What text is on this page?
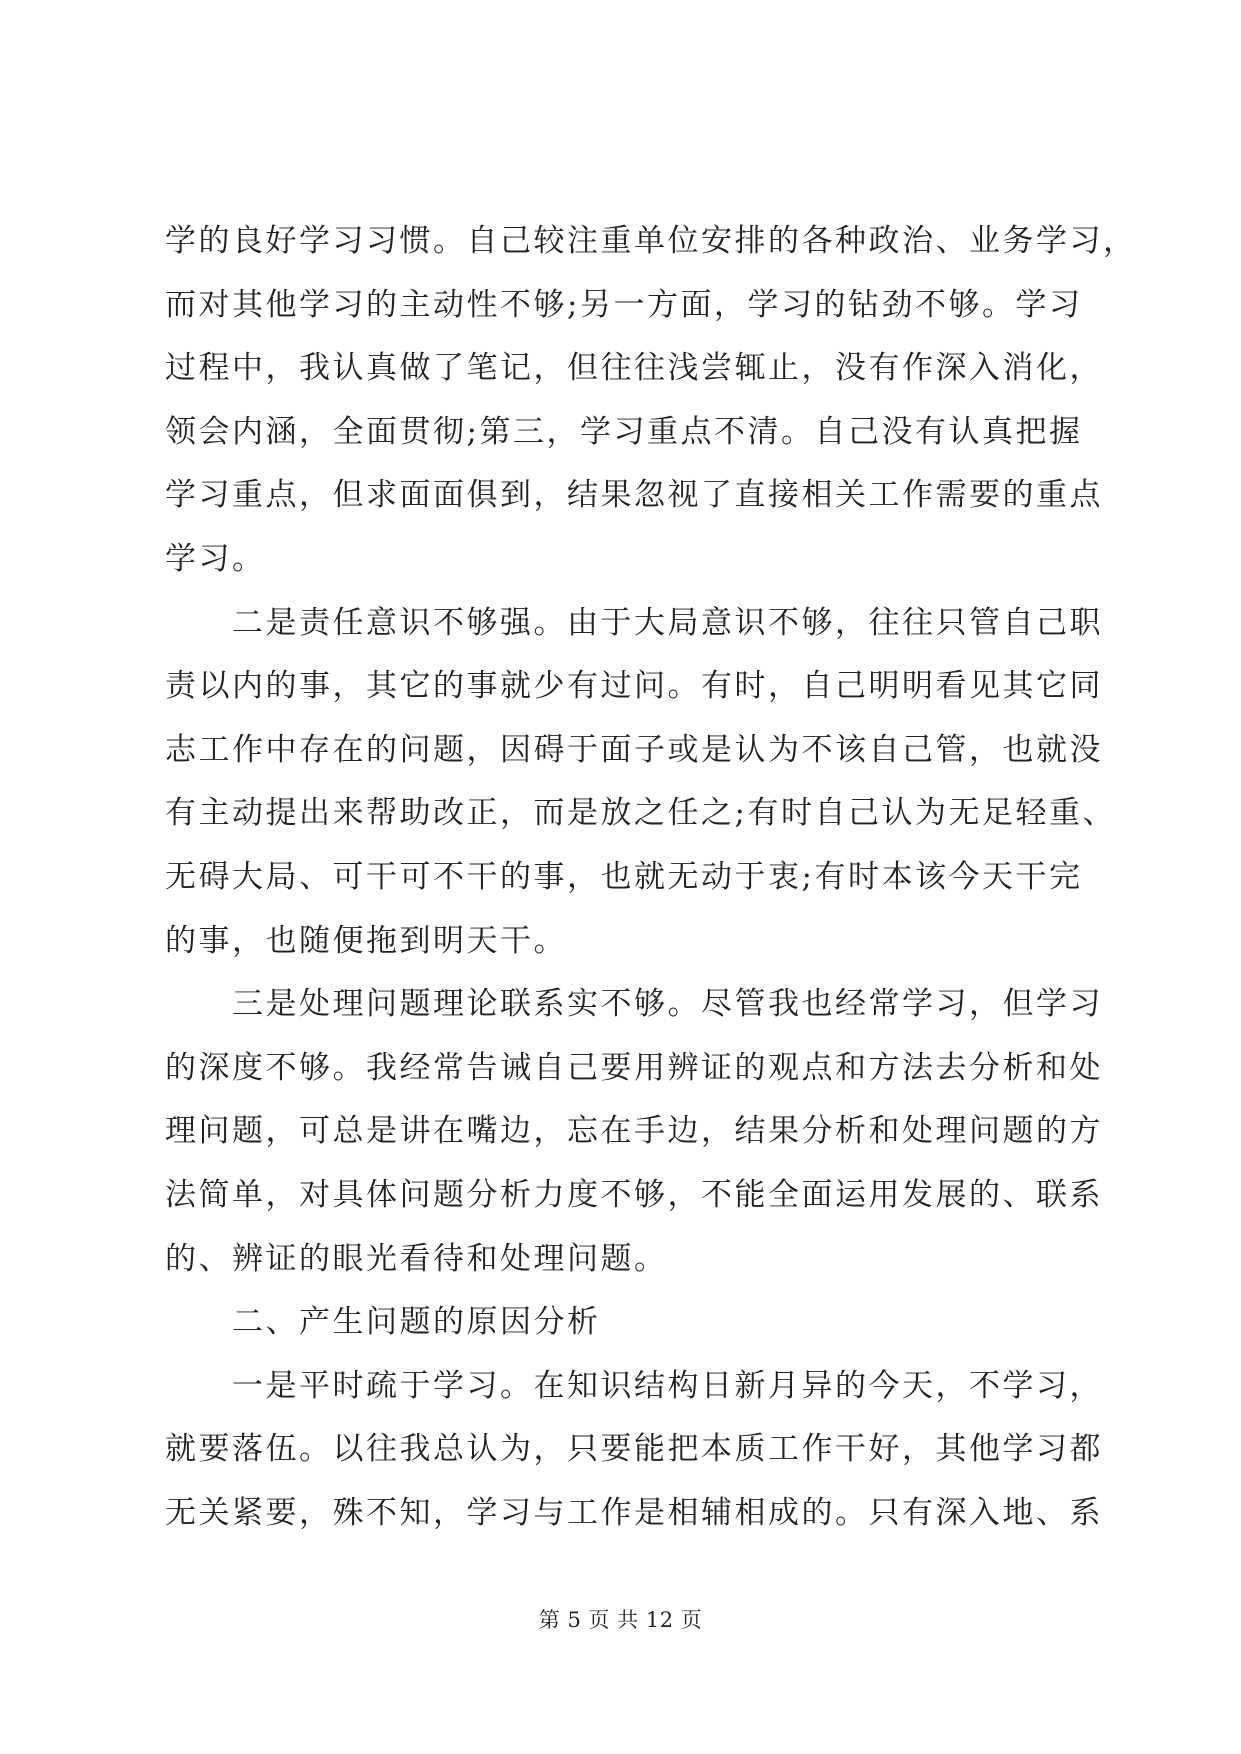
学的良好学习习惯。自己较注重单位安排的各种政治、业务学习，
而对其他学习的主动性不够;另一方面，学习的钻劲不够。学习
过程中，我认真做了笔记，但往往浅尝辄止，没有作深入消化，
领会内涵，全面贯彻;第三，学习重点不清。自己没有认真把握
学习重点，但求面面俱到，结果忽视了直接相关工作需要的重点
学习。
　　二是责任意识不够强。由于大局意识不够，往往只管自己职
责以内的事，其它的事就少有过问。有时，自己明明看见其它同
志工作中存在的问题，因碍于面子或是认为不该自己管，也就没
有主动提出来帮助改正，而是放之任之;有时自己认为无足轻重、
无碍大局、可干可不干的事，也就无动于衷;有时本该今天干完
的事，也随便拖到明天干。
　　三是处理问题理论联系实不够。尽管我也经常学习，但学习
的深度不够。我经常告诫自己要用辨证的观点和方法去分析和处
理问题，可总是讲在嘴边，忘在手边，结果分析和处理问题的方
法简单，对具体问题分析力度不够，不能全面运用发展的、联系
的、辨证的眼光看待和处理问题。
　　二、产生问题的原因分析
　　一是平时疏于学习。在知识结构日新月异的今天，不学习，
就要落伍。以往我总认为，只要能把本质工作干好，其他学习都
无关紧要，殊不知，学习与工作是相辅相成的。只有深入地、系
第 5 页 共 12 页
